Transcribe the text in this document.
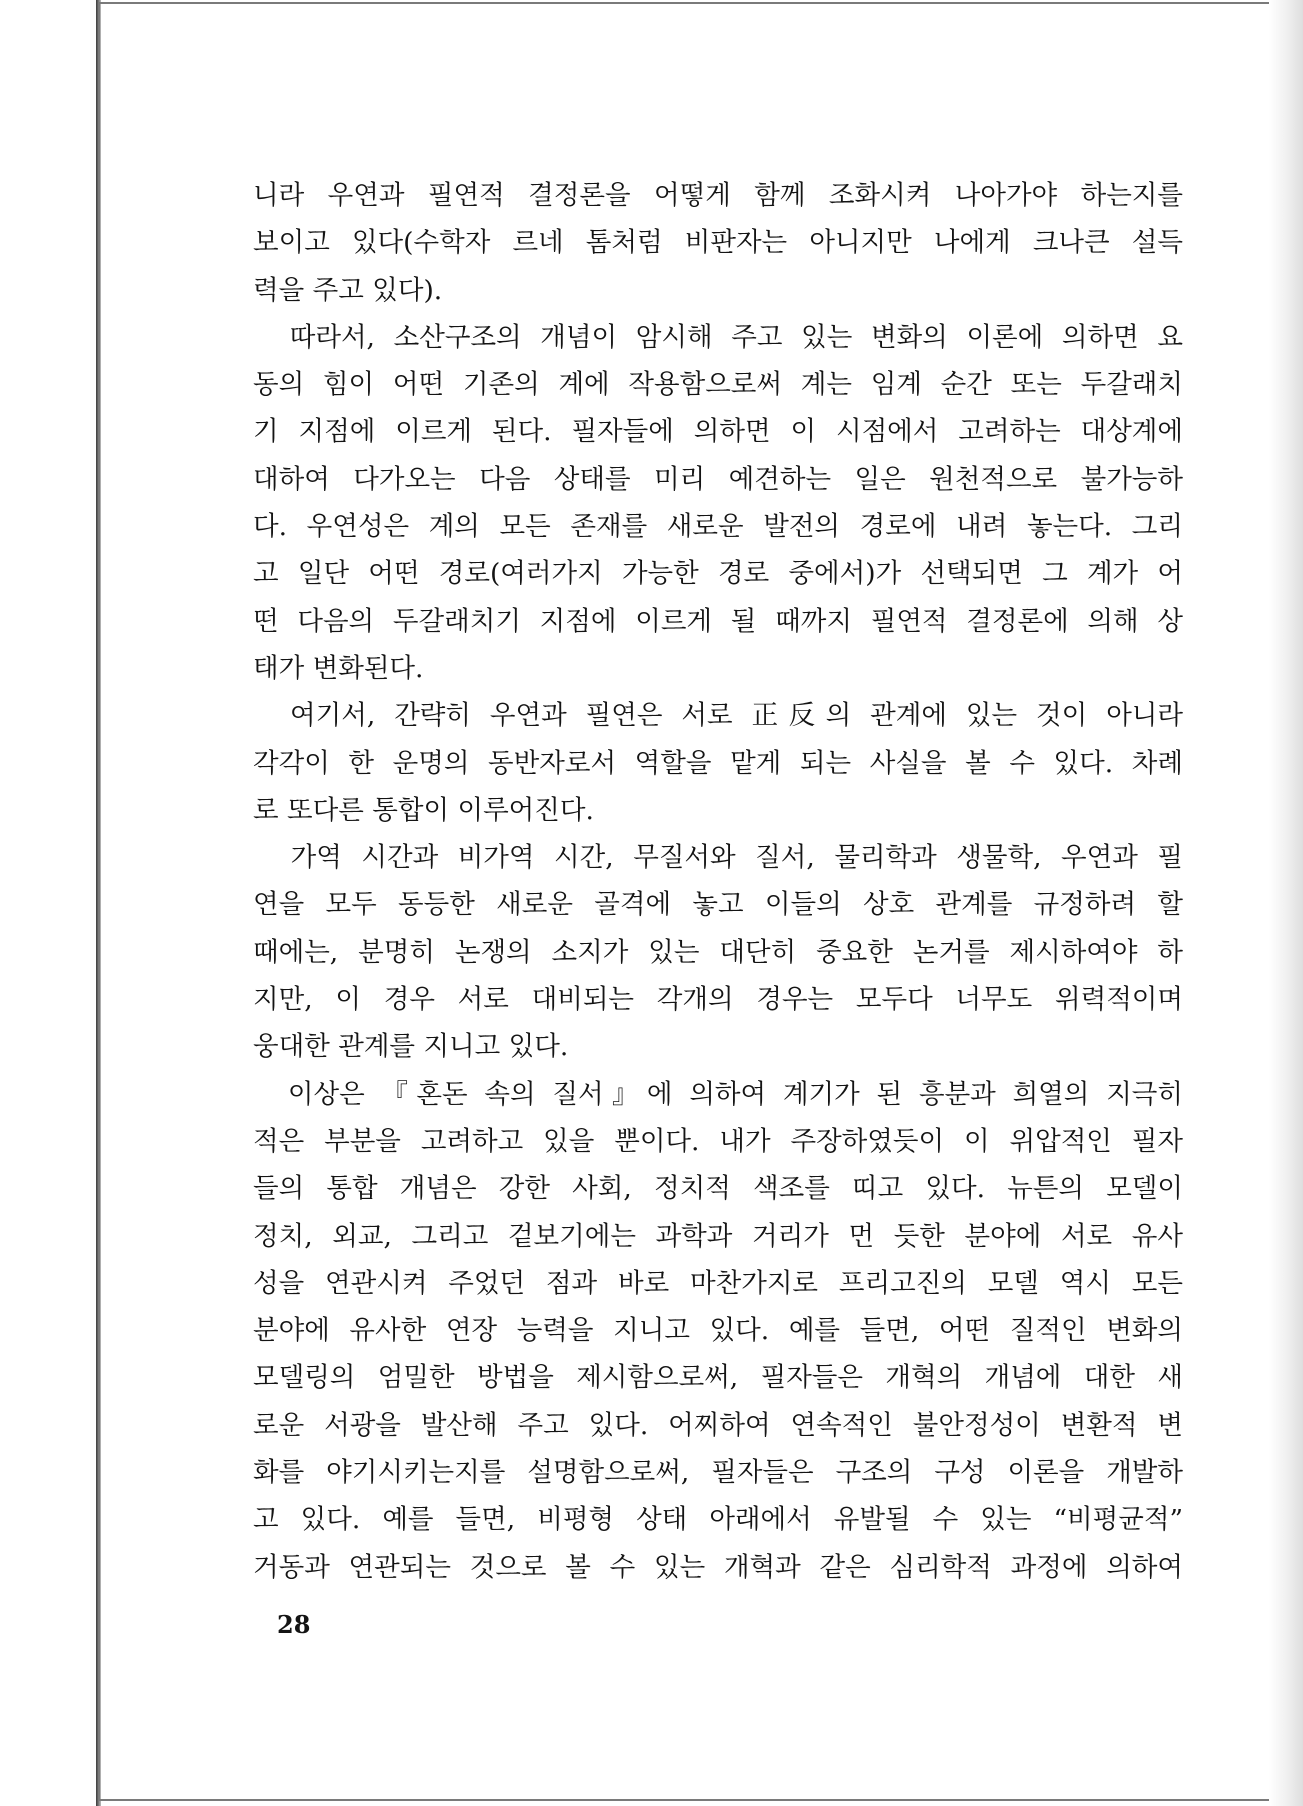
니라 우연과 필연적 결정론을 어떻게 함께 조화시켜 나아가야 하는지를
보이고 있다(수학자 르네 톰처럼 비판자는 아니지만 나에게 크나큰 설득
력을 주고 있다).
　따라서, 소산구조의 개념이 암시해 주고 있는 변화의 이론에 의하면 요
동의 힘이 어떤 기존의 계에 작용함으로써 계는 임계 순간 또는 두갈래치
기 지점에 이르게 된다. 필자들에 의하면 이 시점에서 고려하는 대상계에
대하여 다가오는 다음 상태를 미리 예견하는 일은 원천적으로 불가능하
다. 우연성은 계의 모든 존재를 새로운 발전의 경로에 내려 놓는다. 그리
고 일단 어떤 경로(여러가지 가능한 경로 중에서)가 선택되면 그 계가 어
떤 다음의 두갈래치기 지점에 이르게 될 때까지 필연적 결정론에 의해 상
태가 변화된다.
　여기서, 간략히 우연과 필연은 서로 正反의 관계에 있는 것이 아니라
각각이 한 운명의 동반자로서 역할을 맡게 되는 사실을 볼 수 있다. 차례
로 또다른 통합이 이루어진다.
　가역 시간과 비가역 시간, 무질서와 질서, 물리학과 생물학, 우연과 필
연을 모두 동등한 새로운 골격에 놓고 이들의 상호 관계를 규정하려 할
때에는, 분명히 논쟁의 소지가 있는 대단히 중요한 논거를 제시하여야 하
지만, 이 경우 서로 대비되는 각개의 경우는 모두다 너무도 위력적이며
웅대한 관계를 지니고 있다.
　이상은 『혼돈 속의 질서』에 의하여 계기가 된 흥분과 희열의 지극히
적은 부분을 고려하고 있을 뿐이다. 내가 주장하였듯이 이 위압적인 필자
들의 통합 개념은 강한 사회, 정치적 색조를 띠고 있다. 뉴튼의 모델이
정치, 외교, 그리고 겉보기에는 과학과 거리가 먼 듯한 분야에 서로 유사
성을 연관시켜 주었던 점과 바로 마찬가지로 프리고진의 모델 역시 모든
분야에 유사한 연장 능력을 지니고 있다. 예를 들면, 어떤 질적인 변화의
모델링의 엄밀한 방법을 제시함으로써, 필자들은 개혁의 개념에 대한 새
로운 서광을 발산해 주고 있다. 어찌하여 연속적인 불안정성이 변환적 변
화를 야기시키는지를 설명함으로써, 필자들은 구조의 구성 이론을 개발하
고 있다. 예를 들면, 비평형 상태 아래에서 유발될 수 있는 “비평균적”
거동과 연관되는 것으로 볼 수 있는 개혁과 같은 심리학적 과정에 의하여
28
